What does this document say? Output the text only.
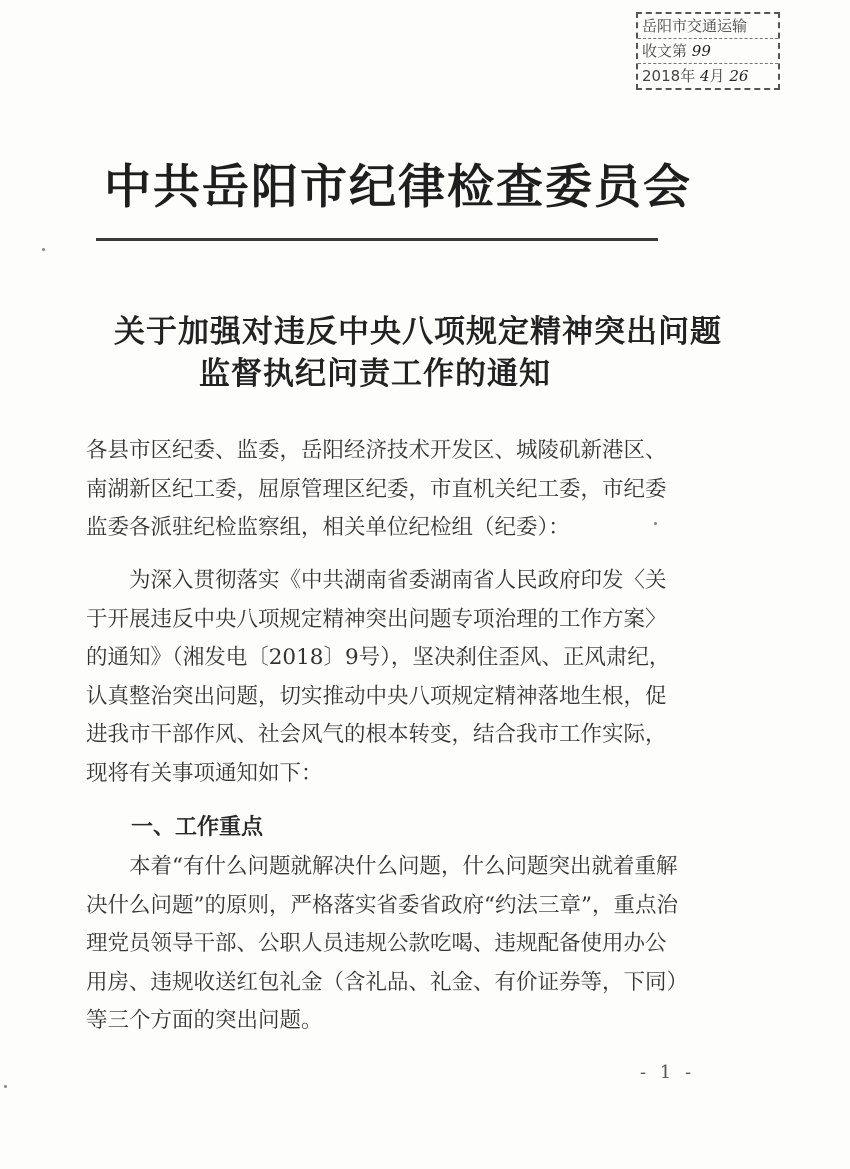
岳阳市交通运输
收文第 99
2018年 4月 26
中共岳阳市纪律检查委员会
关于加强对违反中央八项规定精神突出问题
监督执纪问责工作的通知
各县市区纪委、监委，岳阳经济技术开发区、城陵矶新港区、南湖新区纪工委，屈原管理区纪委，市直机关纪工委，市纪委监委各派驻纪检监察组，相关单位纪检组（纪委）：
为深入贯彻落实《中共湖南省委湖南省人民政府印发〈关于开展违反中央八项规定精神突出问题专项治理的工作方案〉的通知》（湘发电〔2018〕9号），坚决刹住歪风、正风肃纪，认真整治突出问题，切实推动中央八项规定精神落地生根，促进我市干部作风、社会风气的根本转变，结合我市工作实际，现将有关事项通知如下：
一、工作重点
本着“有什么问题就解决什么问题，什么问题突出就着重解决什么问题”的原则，严格落实省委省政府“约法三章”，重点治理党员领导干部、公职人员违规公款吃喝、违规配备使用办公用房、违规收送红包礼金（含礼品、礼金、有价证券等，下同）等三个方面的突出问题。
- 1 -
